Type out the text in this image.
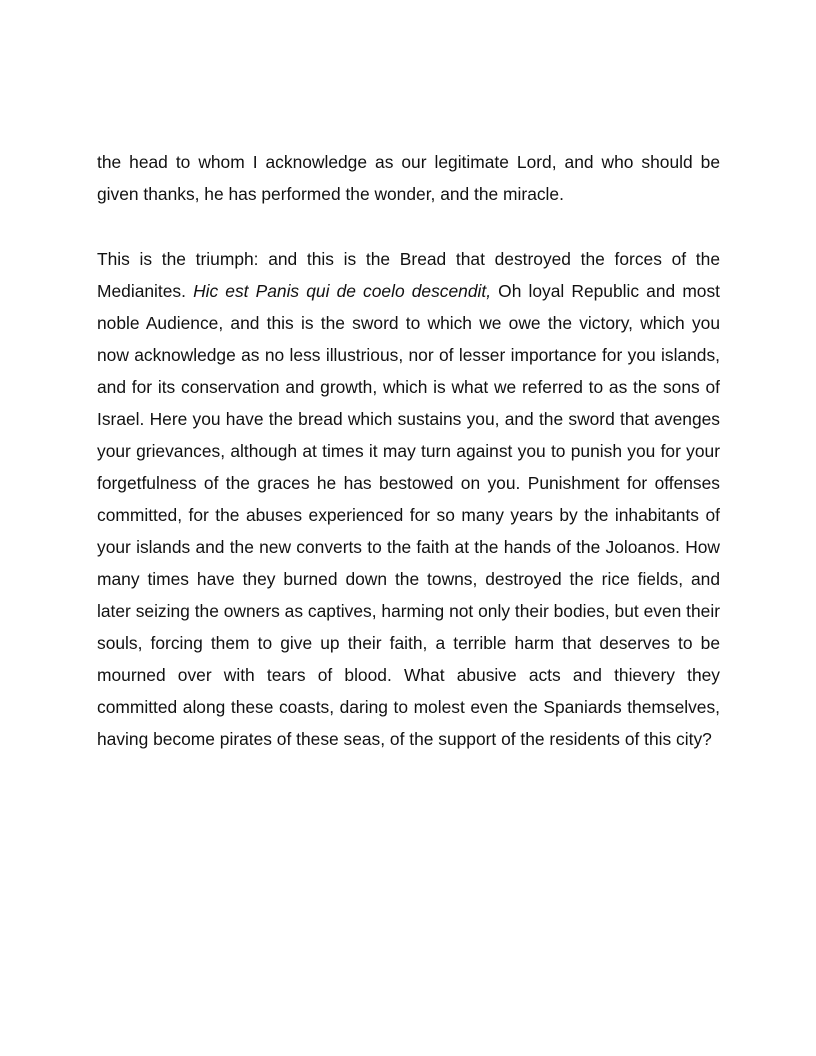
the head to whom I acknowledge as our legitimate Lord, and who should be given thanks, he has performed the wonder, and the miracle.

This is the triumph: and this is the Bread that destroyed the forces of the Medianites. Hic est Panis qui de coelo descendit, Oh loyal Republic and most noble Audience, and this is the sword to which we owe the victory, which you now acknowledge as no less illustrious, nor of lesser importance for you islands, and for its conservation and growth, which is what we referred to as the sons of Israel. Here you have the bread which sustains you, and the sword that avenges your grievances, although at times it may turn against you to punish you for your forgetfulness of the graces he has bestowed on you. Punishment for offenses committed, for the abuses experienced for so many years by the inhabitants of your islands and the new converts to the faith at the hands of the Joloanos. How many times have they burned down the towns, destroyed the rice fields, and later seizing the owners as captives, harming not only their bodies, but even their souls, forcing them to give up their faith, a terrible harm that deserves to be mourned over with tears of blood. What abusive acts and thievery they committed along these coasts, daring to molest even the Spaniards themselves, having become pirates of these seas, of the support of the residents of this city?
